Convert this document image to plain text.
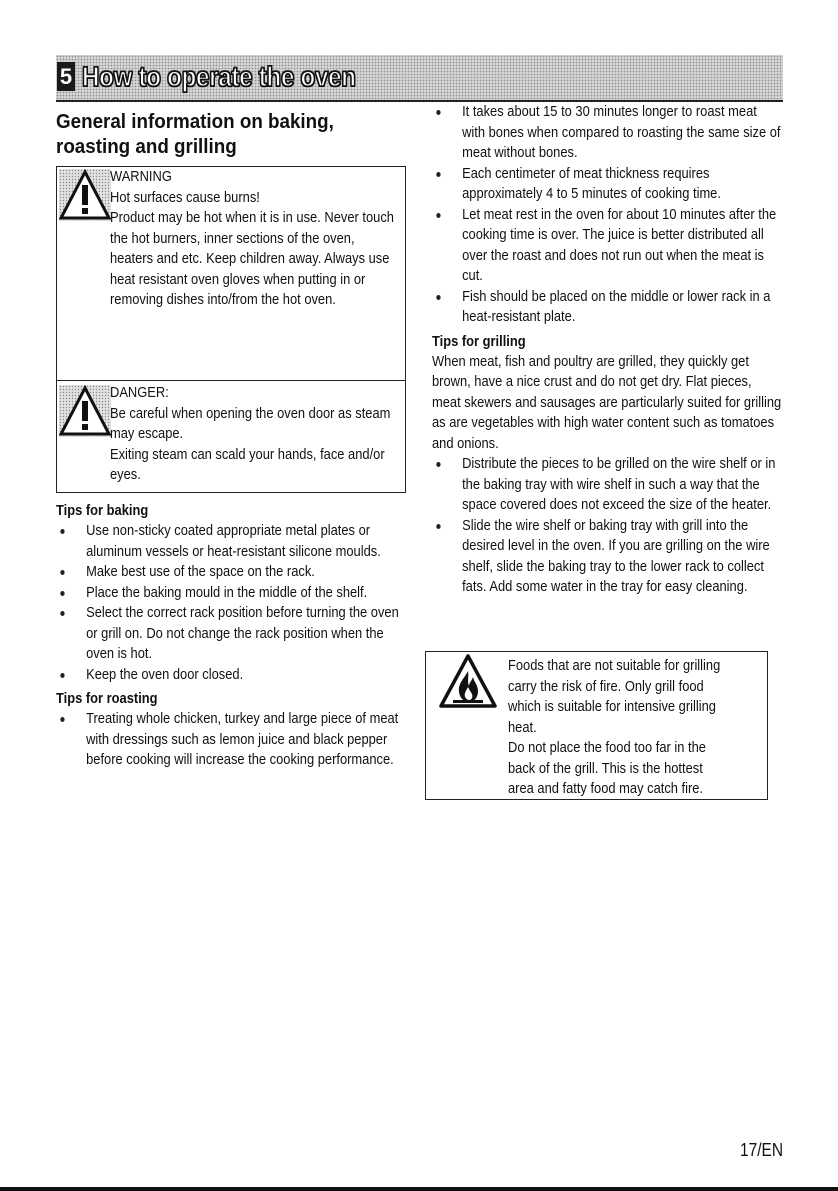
5 How to operate the oven
General information on baking, roasting and grilling
WARNING
Hot surfaces cause burns!
Product may be hot when it is in use. Never touch the hot burners, inner sections of the oven, heaters and etc. Keep children away. Always use heat resistant oven gloves when putting in or removing dishes into/from the hot oven.
DANGER:
Be careful when opening the oven door as steam may escape.
Exiting steam can scald your hands, face and/or eyes.
Tips for baking
Use non-sticky coated appropriate metal plates or aluminum vessels or heat-resistant silicone moulds.
Make best use of the space on the rack.
Place the baking mould in the middle of the shelf.
Select the correct rack position before turning the oven or grill on. Do not change the rack position when the oven is hot.
Keep the oven door closed.
Tips for roasting
Treating whole chicken, turkey and large piece of meat with dressings such as lemon juice and black pepper before cooking will increase the cooking performance.
It takes about 15 to 30 minutes longer to roast meat with bones when compared to roasting the same size of meat without bones.
Each centimeter of meat thickness requires approximately 4 to 5 minutes of cooking time.
Let meat rest in the oven for about 10 minutes after the cooking time is over. The juice is better distributed all over the roast and does not run out when the meat is cut.
Fish should be placed on the middle or lower rack in a heat-resistant plate.
Tips for grilling
When meat, fish and poultry are grilled, they quickly get brown, have a nice crust and do not get dry. Flat pieces, meat skewers and sausages are particularly suited for grilling as are vegetables with high water content such as tomatoes and onions.
Distribute the pieces to be grilled on the wire shelf or in the baking tray with wire shelf in such a way that the space covered does not exceed the size of the heater.
Slide the wire shelf or baking tray with grill into the desired level in the oven. If you are grilling on the wire shelf, slide the baking tray to the lower rack to collect fats. Add some water in the tray for easy cleaning.
Foods that are not suitable for grilling carry the risk of fire. Only grill food which is suitable for intensive grilling heat.
Do not place the food too far in the back of the grill. This is the hottest area and fatty food may catch fire.
17/EN
